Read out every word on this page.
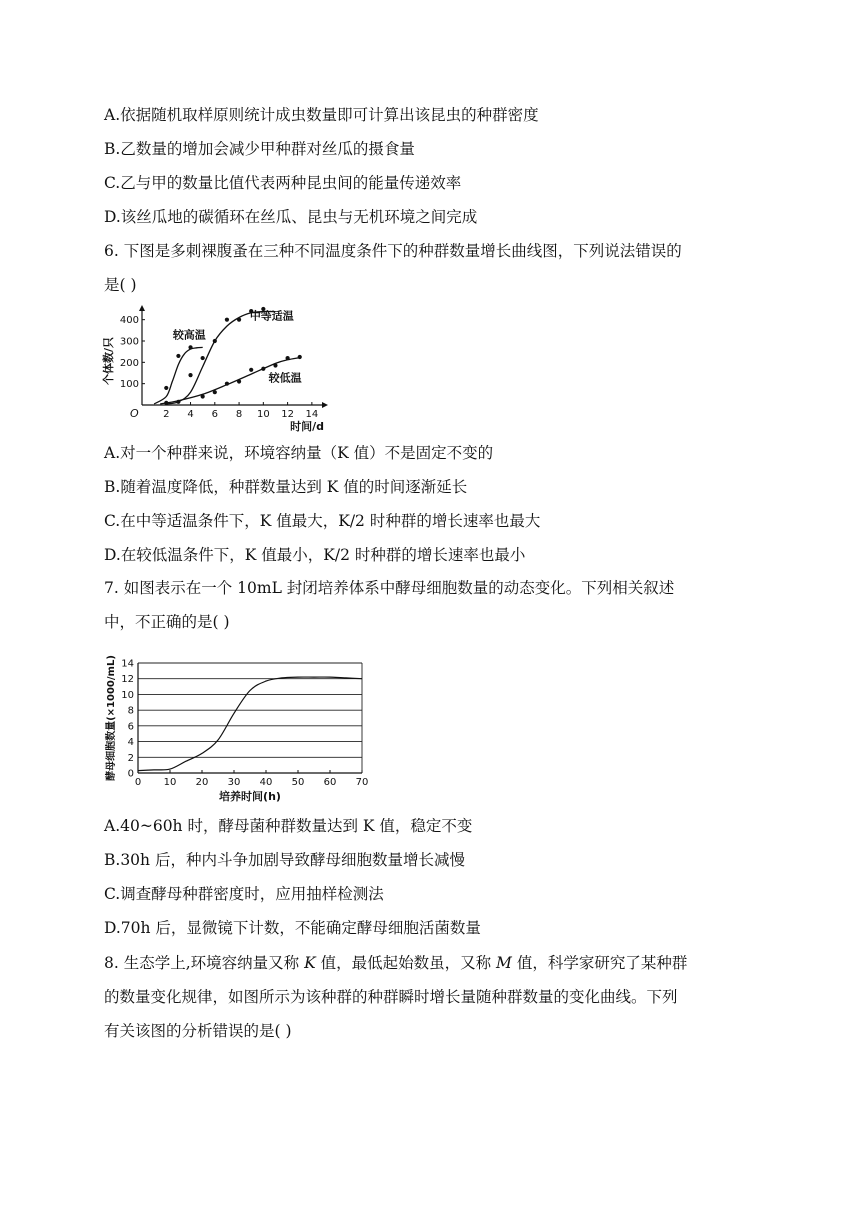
A.依据随机取样原则统计成虫数量即可计算出该昆虫的种群密度
B.乙数量的增加会减少甲种群对丝瓜的摄食量
C.乙与甲的数量比值代表两种昆虫间的能量传递效率
D.该丝瓜地的碳循环在丝瓜、昆虫与无机环境之间完成
6. 下图是多刺裸腹蚤在三种不同温度条件下的种群数量增长曲线图，下列说法错误的
是( )
O 2 4 6 8 10 12 14
100
200
300
400
个体数/只
时间/d
较高温
中等适温
较低温
A.对一个种群来说，环境容纳量（K 值）不是固定不变的
B.随着温度降低，种群数量达到 K 值的时间逐渐延长
C.在中等适温条件下，K 值最大，K/2 时种群的增长速率也最大
D.在较低温条件下，K 值最小，K/2 时种群的增长速率也最小
7. 如图表示在一个 10mL 封闭培养体系中酵母细胞数量的动态变化。下列相关叙述
中，不正确的是( )
0
2
4
6
8
10
12
14
0 10 20 30 40 50 60 70
酵母细胞数量(×1000/mL)
培养时间(h)
A.40~60h 时，酵母菌种群数量达到 K 值，稳定不变
B.30h 后，种内斗争加剧导致酵母细胞数量增长减慢
C.调查酵母种群密度时，应用抽样检测法
D.70h 后，显微镜下计数，不能确定酵母细胞活菌数量
8. 生态学上,环境容纳量又称 K 值，最低起始数虽，又称 M 值，科学家研究了某种群
的数量变化规律，如图所示为该种群的种群瞬时增长量随种群数量的变化曲线。下列
有关该图的分析错误的是( )
